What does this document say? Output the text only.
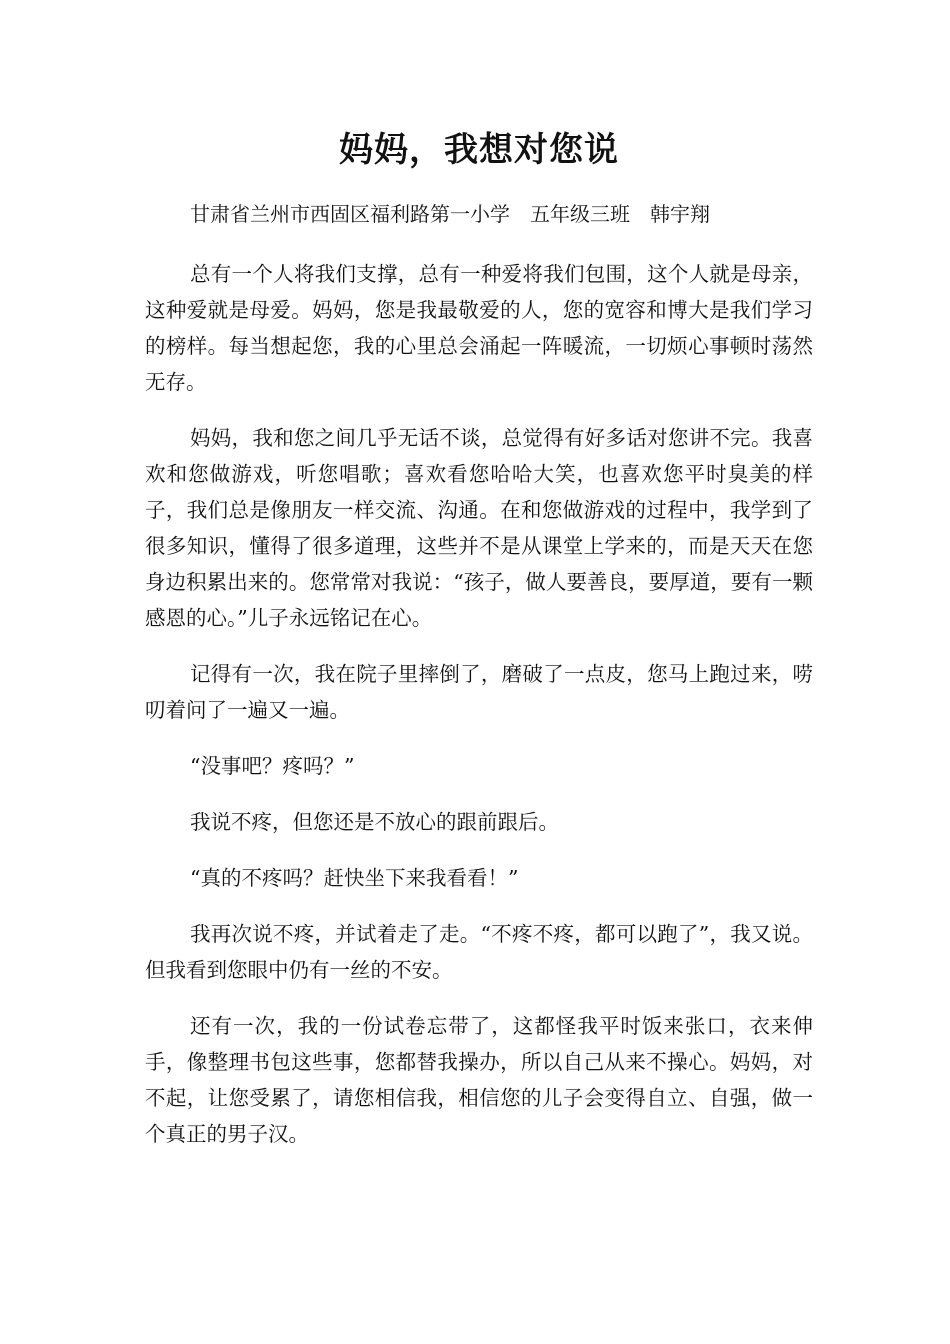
妈妈，我想对您说
甘肃省兰州市西固区福利路第一小学　五年级三班　韩宇翔

总有一个人将我们支撑，总有一种爱将我们包围，这个人就是母亲，这种爱就是母爱。妈妈，您是我最敬爱的人，您的宽容和博大是我们学习的榜样。每当想起您，我的心里总会涌起一阵暖流，一切烦心事顿时荡然无存。

妈妈，我和您之间几乎无话不谈，总觉得有好多话对您讲不完。我喜欢和您做游戏，听您唱歌；喜欢看您哈哈大笑，也喜欢您平时臭美的样子，我们总是像朋友一样交流、沟通。在和您做游戏的过程中，我学到了很多知识，懂得了很多道理，这些并不是从课堂上学来的，而是天天在您身边积累出来的。您常常对我说：“孩子，做人要善良，要厚道，要有一颗感恩的心。”儿子永远铭记在心。

记得有一次，我在院子里摔倒了，磨破了一点皮，您马上跑过来，唠叨着问了一遍又一遍。

“没事吧？疼吗？”

我说不疼，但您还是不放心的跟前跟后。

“真的不疼吗？赶快坐下来我看看！”

我再次说不疼，并试着走了走。“不疼不疼，都可以跑了”，我又说。但我看到您眼中仍有一丝的不安。

还有一次，我的一份试卷忘带了，这都怪我平时饭来张口，衣来伸手，像整理书包这些事，您都替我操办，所以自己从来不操心。妈妈，对不起，让您受累了，请您相信我，相信您的儿子会变得自立、自强，做一个真正的男子汉。
